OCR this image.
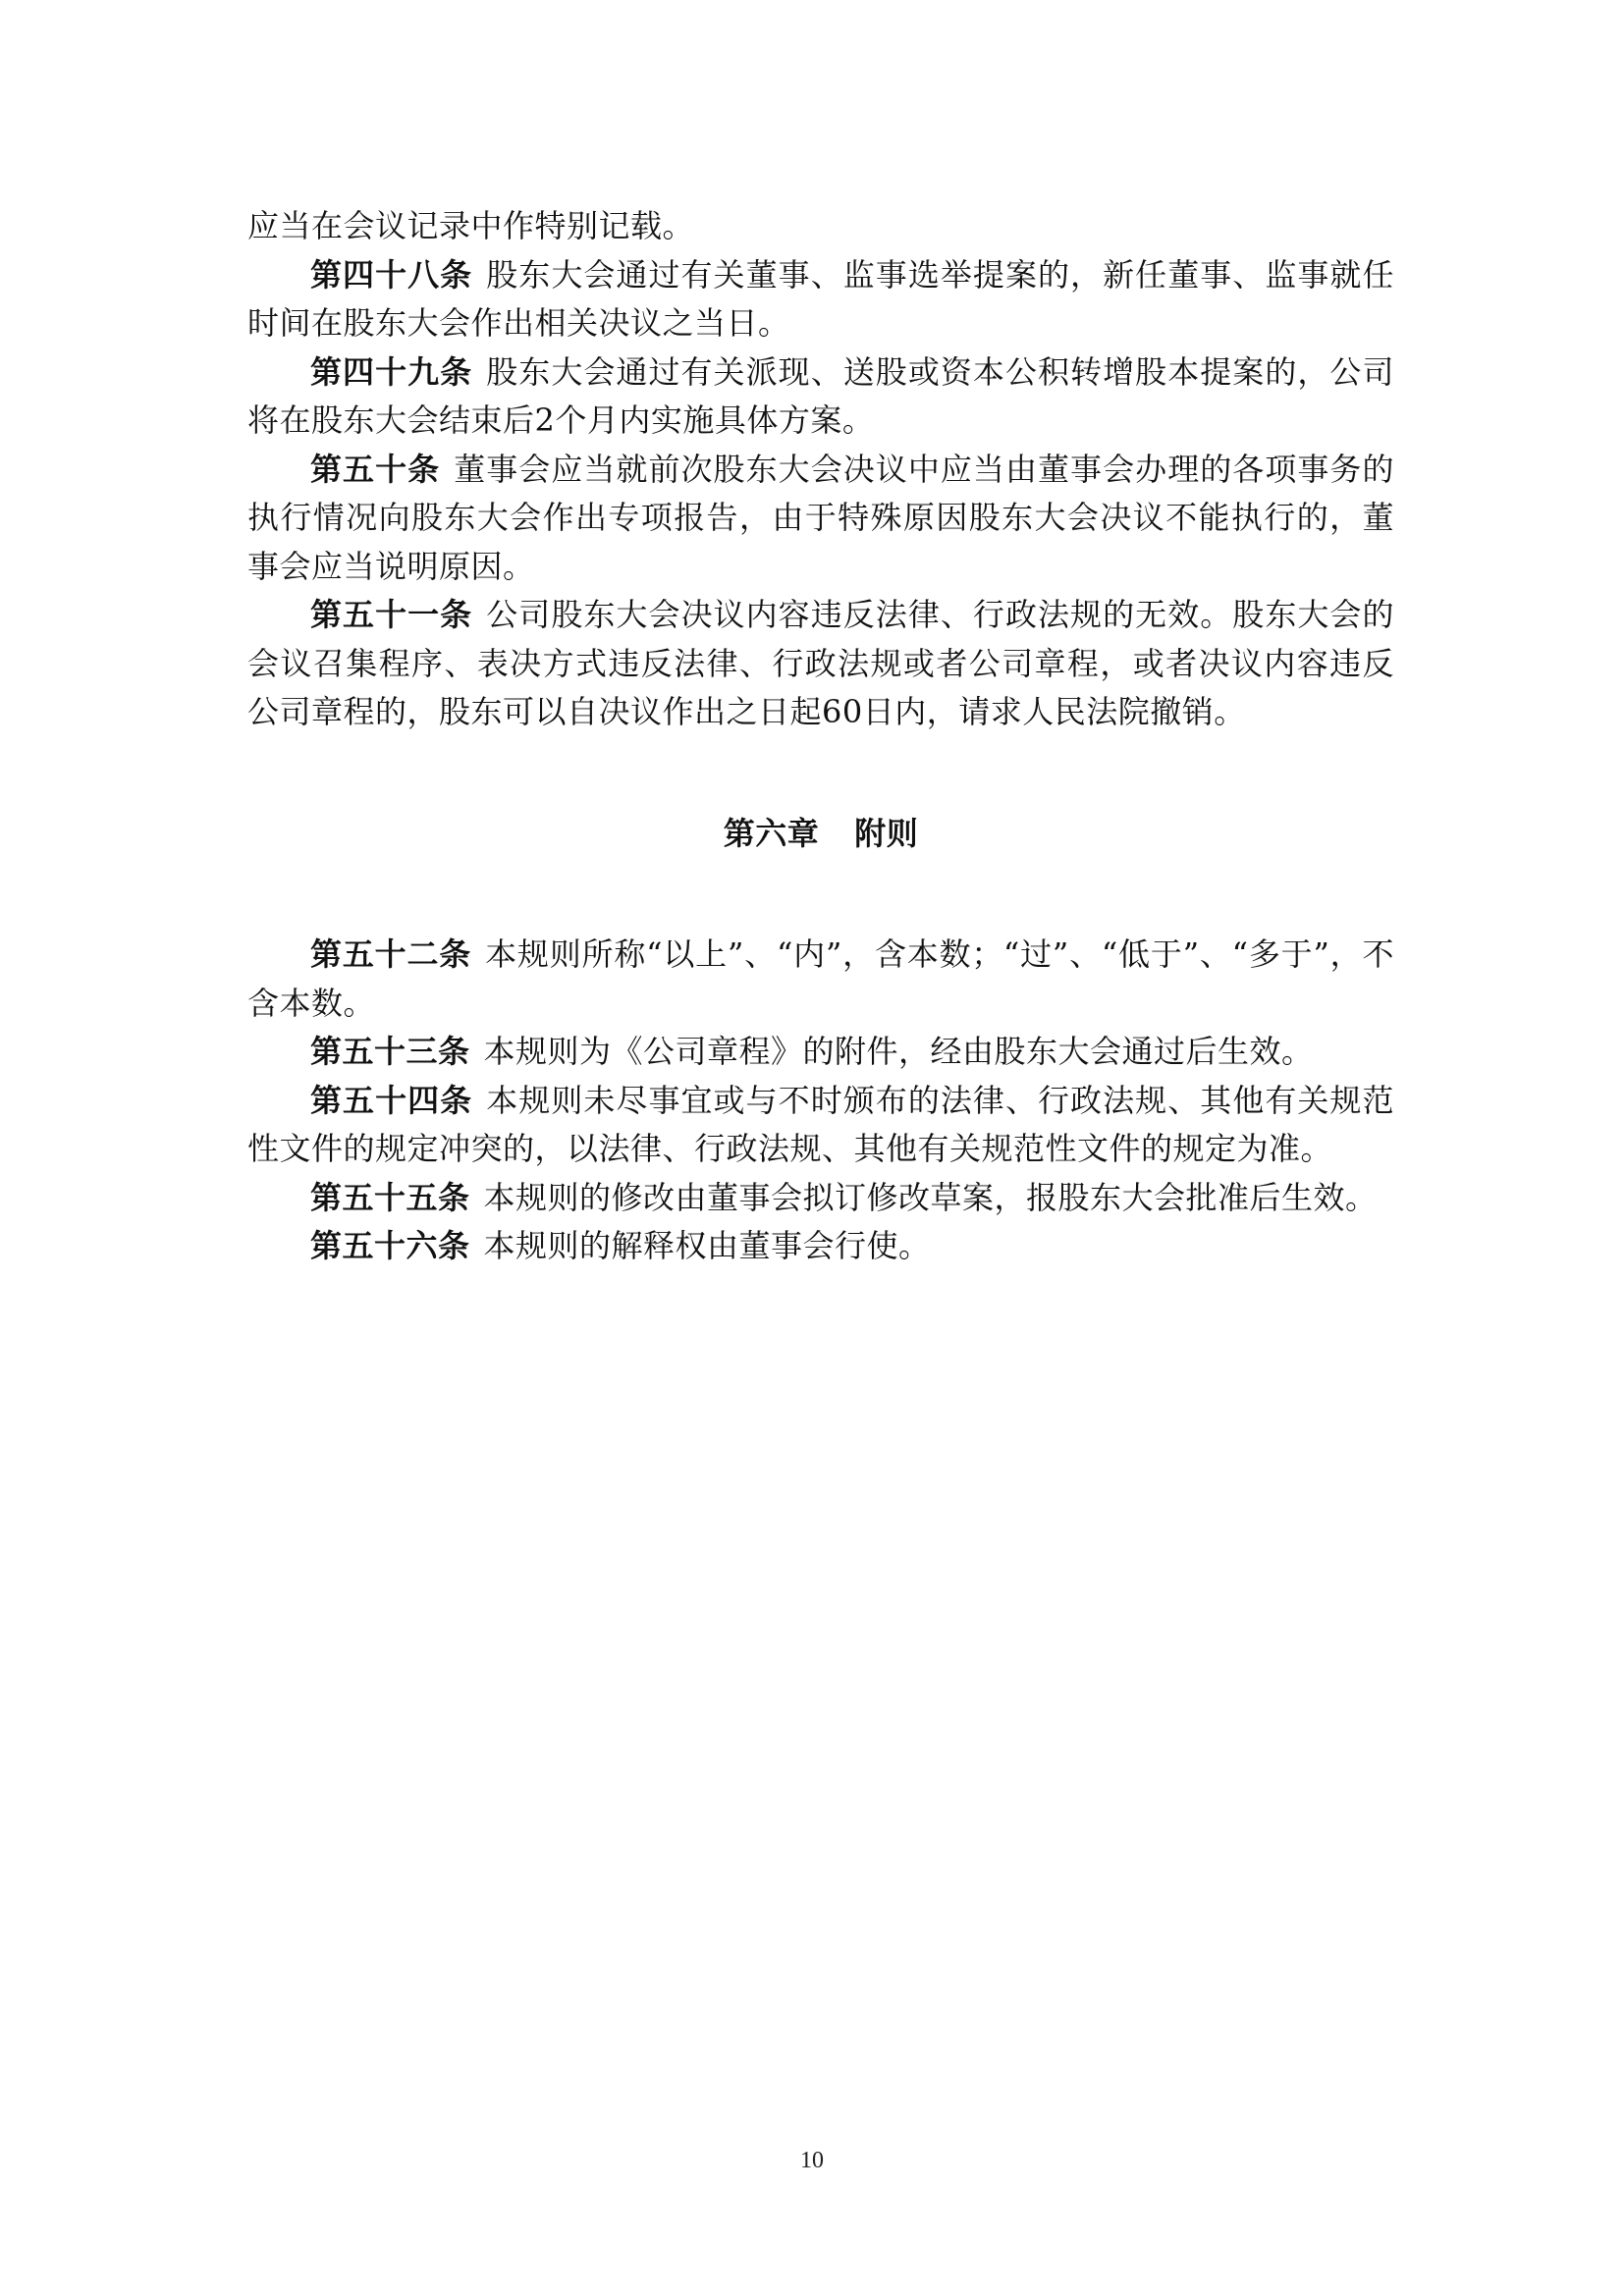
应当在会议记录中作特别记载。

第四十八条 股东大会通过有关董事、监事选举提案的，新任董事、监事就任时间在股东大会作出相关决议之当日。

第四十九条 股东大会通过有关派现、送股或资本公积转增股本提案的，公司将在股东大会结束后2个月内实施具体方案。

第五十条 董事会应当就前次股东大会决议中应当由董事会办理的各项事务的执行情况向股东大会作出专项报告，由于特殊原因股东大会决议不能执行的，董事会应当说明原因。

第五十一条 公司股东大会决议内容违反法律、行政法规的无效。股东大会的会议召集程序、表决方式违反法律、行政法规或者公司章程，或者决议内容违反公司章程的，股东可以自决议作出之日起60日内，请求人民法院撤销。

第六章 附则

第五十二条 本规则所称“以上”、“内”，含本数；“过”、“低于”、“多于”，不含本数。

第五十三条 本规则为《公司章程》的附件，经由股东大会通过后生效。

第五十四条 本规则未尽事宜或与不时颁布的法律、行政法规、其他有关规范性文件的规定冲突的，以法律、行政法规、其他有关规范性文件的规定为准。

第五十五条 本规则的修改由董事会拟订修改草案，报股东大会批准后生效。

第五十六条 本规则的解释权由董事会行使。

10
